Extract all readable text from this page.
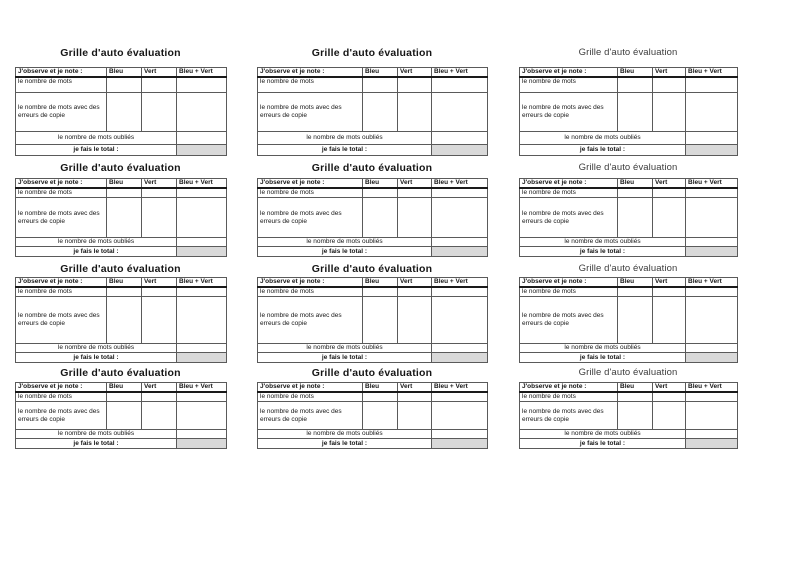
Grille d'auto évaluation
J'observe et je note :	Bleu	Vert	Bleu + Vert
le nombre de mots			
le nombre de mots avec des erreurs de copie			
le nombre de mots oubliés			
je fais le total :			
Grille d'auto évaluation
J'observe et je note :	Bleu	Vert	Bleu + Vert
le nombre de mots			
le nombre de mots avec des erreurs de copie			
le nombre de mots oubliés			
je fais le total :			
Grille d'auto évaluation
J'observe et je note :	Bleu	Vert	Bleu + Vert
le nombre de mots			
le nombre de mots avec des erreurs de copie			
le nombre de mots oubliés			
je fais le total :			
Grille d'auto évaluation
J'observe et je note :	Bleu	Vert	Bleu + Vert
le nombre de mots			
le nombre de mots avec des erreurs de copie			
le nombre de mots oubliés			
je fais le total :			
Grille d'auto évaluation
J'observe et je note :	Bleu	Vert	Bleu + Vert
le nombre de mots			
le nombre de mots avec des erreurs de copie			
le nombre de mots oubliés			
je fais le total :			
Grille d'auto évaluation
J'observe et je note :	Bleu	Vert	Bleu + Vert
le nombre de mots			
le nombre de mots avec des erreurs de copie			
le nombre de mots oubliés			
je fais le total :			
Grille d'auto évaluation
J'observe et je note :	Bleu	Vert	Bleu + Vert
le nombre de mots			
le nombre de mots avec des erreurs de copie			
le nombre de mots oubliés			
je fais le total :			
Grille d'auto évaluation
J'observe et je note :	Bleu	Vert	Bleu + Vert
le nombre de mots			
le nombre de mots avec des erreurs de copie			
le nombre de mots oubliés			
je fais le total :			
Grille d'auto évaluation
J'observe et je note :	Bleu	Vert	Bleu + Vert
le nombre de mots			
le nombre de mots avec des erreurs de copie			
le nombre de mots oubliés			
je fais le total :			
Grille d'auto évaluation
J'observe et je note :	Bleu	Vert	Bleu + Vert
le nombre de mots			
le nombre de mots avec des erreurs de copie			
le nombre de mots oubliés			
je fais le total :			
Grille d'auto évaluation
J'observe et je note :	Bleu	Vert	Bleu + Vert
le nombre de mots			
le nombre de mots avec des erreurs de copie			
le nombre de mots oubliés			
je fais le total :			
Grille d'auto évaluation
J'observe et je note :	Bleu	Vert	Bleu + Vert
le nombre de mots			
le nombre de mots avec des erreurs de copie			
le nombre de mots oubliés			
je fais le total :			
